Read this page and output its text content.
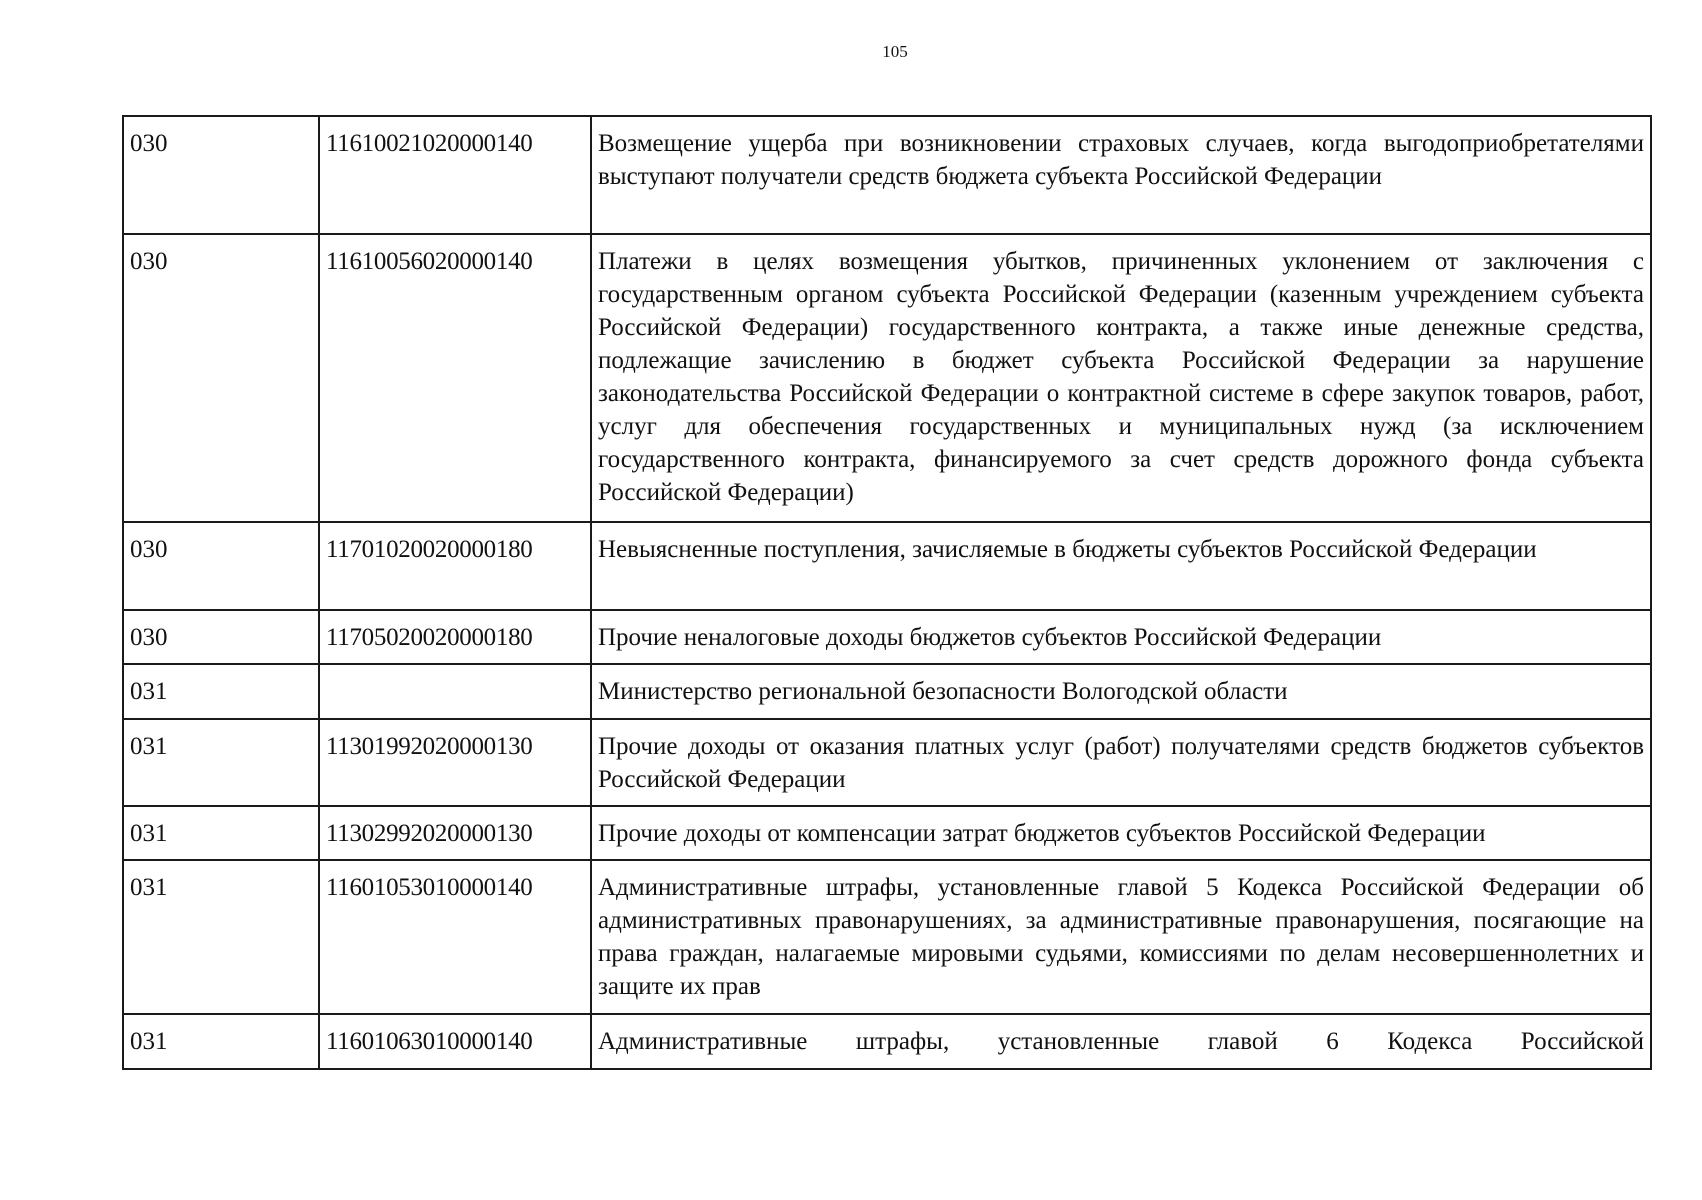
105
030	11610021020000140	Возмещение ущерба при возникновении страховых случаев, когда выгодоприобретателями выступают получатели средств бюджета субъекта Российской Федерации
030	11610056020000140	Платежи в целях возмещения убытков, причиненных уклонением от заключения с государственным органом субъекта Российской Федерации (казенным учреждением субъекта Российской Федерации) государственного контракта, а также иные денежные средства, подлежащие зачислению в бюджет субъекта Российской Федерации за нарушение законодательства Российской Федерации о контрактной системе в сфере закупок товаров, работ, услуг для обеспечения государственных и муниципальных нужд (за исключением государственного контракта, финансируемого за счет средств дорожного фонда субъекта Российской Федерации)
030	11701020020000180	Невыясненные поступления, зачисляемые в бюджеты субъектов Российской Федерации
030	11705020020000180	Прочие неналоговые доходы бюджетов субъектов Российской Федерации
031		Министерство региональной безопасности Вологодской области
031	11301992020000130	Прочие доходы от оказания платных услуг (работ) получателями средств бюджетов субъектов Российской Федерации
031	11302992020000130	Прочие доходы от компенсации затрат бюджетов субъектов Российской Федерации
031	11601053010000140	Административные штрафы, установленные главой 5 Кодекса Российской Федерации об административных правонарушениях, за административные правонарушения, посягающие на права граждан, налагаемые мировыми судьями, комиссиями по делам несовершеннолетних и защите их прав
031	11601063010000140	Административные штрафы, установленные главой 6 Кодекса Российской
